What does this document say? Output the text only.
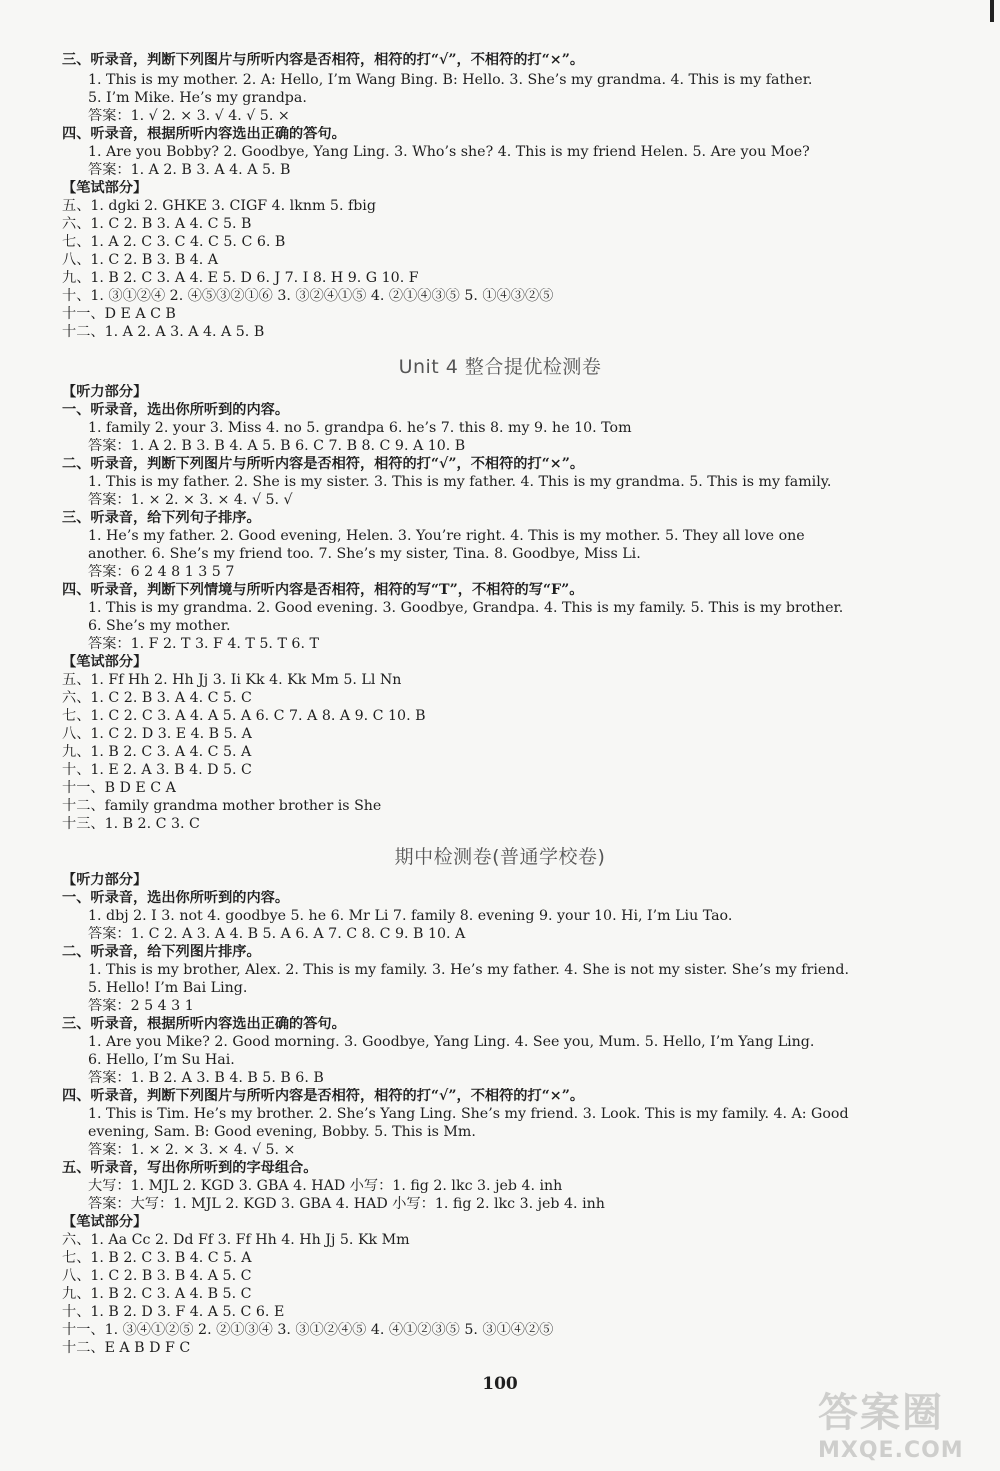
三、听录音，判断下列图片与所听内容是否相符，相符的打“√”，不相符的打“×”。
1. This is my mother. 2. A: Hello, I’m Wang Bing. B: Hello. 3. She’s my grandma. 4. This is my father.
5. I’m Mike. He’s my grandpa.
答案：1. √ 2. × 3. √ 4. √ 5. ×
四、听录音，根据所听内容选出正确的答句。
1. Are you Bobby? 2. Goodbye, Yang Ling. 3. Who’s she? 4. This is my friend Helen. 5. Are you Moe?
答案：1. A 2. B 3. A 4. A 5. B
【笔试部分】
五、1. dgki 2. GHKE 3. CIGF 4. lknm 5. fbig
六、1. C 2. B 3. A 4. C 5. B
七、1. A 2. C 3. C 4. C 5. C 6. B
八、1. C 2. B 3. B 4. A
九、1. B 2. C 3. A 4. E 5. D 6. J 7. I 8. H 9. G 10. F
十、1. ③①②④ 2. ④⑤③②①⑥ 3. ③②④①⑤ 4. ②①④③⑤ 5. ①④③②⑤
十一、D E A C B
十二、1. A 2. A 3. A 4. A 5. B
Unit 4 整合提优检测卷
【听力部分】
一、听录音，选出你所听到的内容。
1. family 2. your 3. Miss 4. no 5. grandpa 6. he’s 7. this 8. my 9. he 10. Tom
答案：1. A 2. B 3. B 4. A 5. B 6. C 7. B 8. C 9. A 10. B
二、听录音，判断下列图片与所听内容是否相符，相符的打“√”，不相符的打“×”。
1. This is my father. 2. She is my sister. 3. This is my father. 4. This is my grandma. 5. This is my family.
答案：1. × 2. × 3. × 4. √ 5. √
三、听录音，给下列句子排序。
1. He’s my father. 2. Good evening, Helen. 3. You’re right. 4. This is my mother. 5. They all love one
another. 6. She’s my friend too. 7. She’s my sister, Tina. 8. Goodbye, Miss Li.
答案：6 2 4 8 1 3 5 7
四、听录音，判断下列情境与所听内容是否相符，相符的写“T”，不相符的写“F”。
1. This is my grandma. 2. Good evening. 3. Goodbye, Grandpa. 4. This is my family. 5. This is my brother.
6. She’s my mother.
答案：1. F 2. T 3. F 4. T 5. T 6. T
【笔试部分】
五、1. Ff Hh 2. Hh Jj 3. Ii Kk 4. Kk Mm 5. Ll Nn
六、1. C 2. B 3. A 4. C 5. C
七、1. C 2. C 3. A 4. A 5. A 6. C 7. A 8. A 9. C 10. B
八、1. C 2. D 3. E 4. B 5. A
九、1. B 2. C 3. A 4. C 5. A
十、1. E 2. A 3. B 4. D 5. C
十一、B D E C A
十二、family grandma mother brother is She
十三、1. B 2. C 3. C
期中检测卷(普通学校卷)
【听力部分】
一、听录音，选出你所听到的内容。
1. dbj 2. I 3. not 4. goodbye 5. he 6. Mr Li 7. family 8. evening 9. your 10. Hi, I’m Liu Tao.
答案：1. C 2. A 3. A 4. B 5. A 6. A 7. C 8. C 9. B 10. A
二、听录音，给下列图片排序。
1. This is my brother, Alex. 2. This is my family. 3. He’s my father. 4. She is not my sister. She’s my friend.
5. Hello! I’m Bai Ling.
答案：2 5 4 3 1
三、听录音，根据所听内容选出正确的答句。
1. Are you Mike? 2. Good morning. 3. Goodbye, Yang Ling. 4. See you, Mum. 5. Hello, I’m Yang Ling.
6. Hello, I’m Su Hai.
答案：1. B 2. A 3. B 4. B 5. B 6. B
四、听录音，判断下列图片与所听内容是否相符，相符的打“√”，不相符的打“×”。
1. This is Tim. He’s my brother. 2. She’s Yang Ling. She’s my friend. 3. Look. This is my family. 4. A: Good
evening, Sam. B: Good evening, Bobby. 5. This is Mm.
答案：1. × 2. × 3. × 4. √ 5. ×
五、听录音，写出你所听到的字母组合。
大写：1. MJL 2. KGD 3. GBA 4. HAD 小写：1. fig 2. lkc 3. jeb 4. inh
答案：大写：1. MJL 2. KGD 3. GBA 4. HAD 小写：1. fig 2. lkc 3. jeb 4. inh
【笔试部分】
六、1. Aa Cc 2. Dd Ff 3. Ff Hh 4. Hh Jj 5. Kk Mm
七、1. B 2. C 3. B 4. C 5. A
八、1. C 2. B 3. B 4. A 5. C
九、1. B 2. C 3. A 4. B 5. C
十、1. B 2. D 3. F 4. A 5. C 6. E
十一、1. ③④①②⑤ 2. ②①③④ 3. ③①②④⑤ 4. ④①②③⑤ 5. ③①④②⑤
十二、E A B D F C
100
答案圈
MXQE.COM
